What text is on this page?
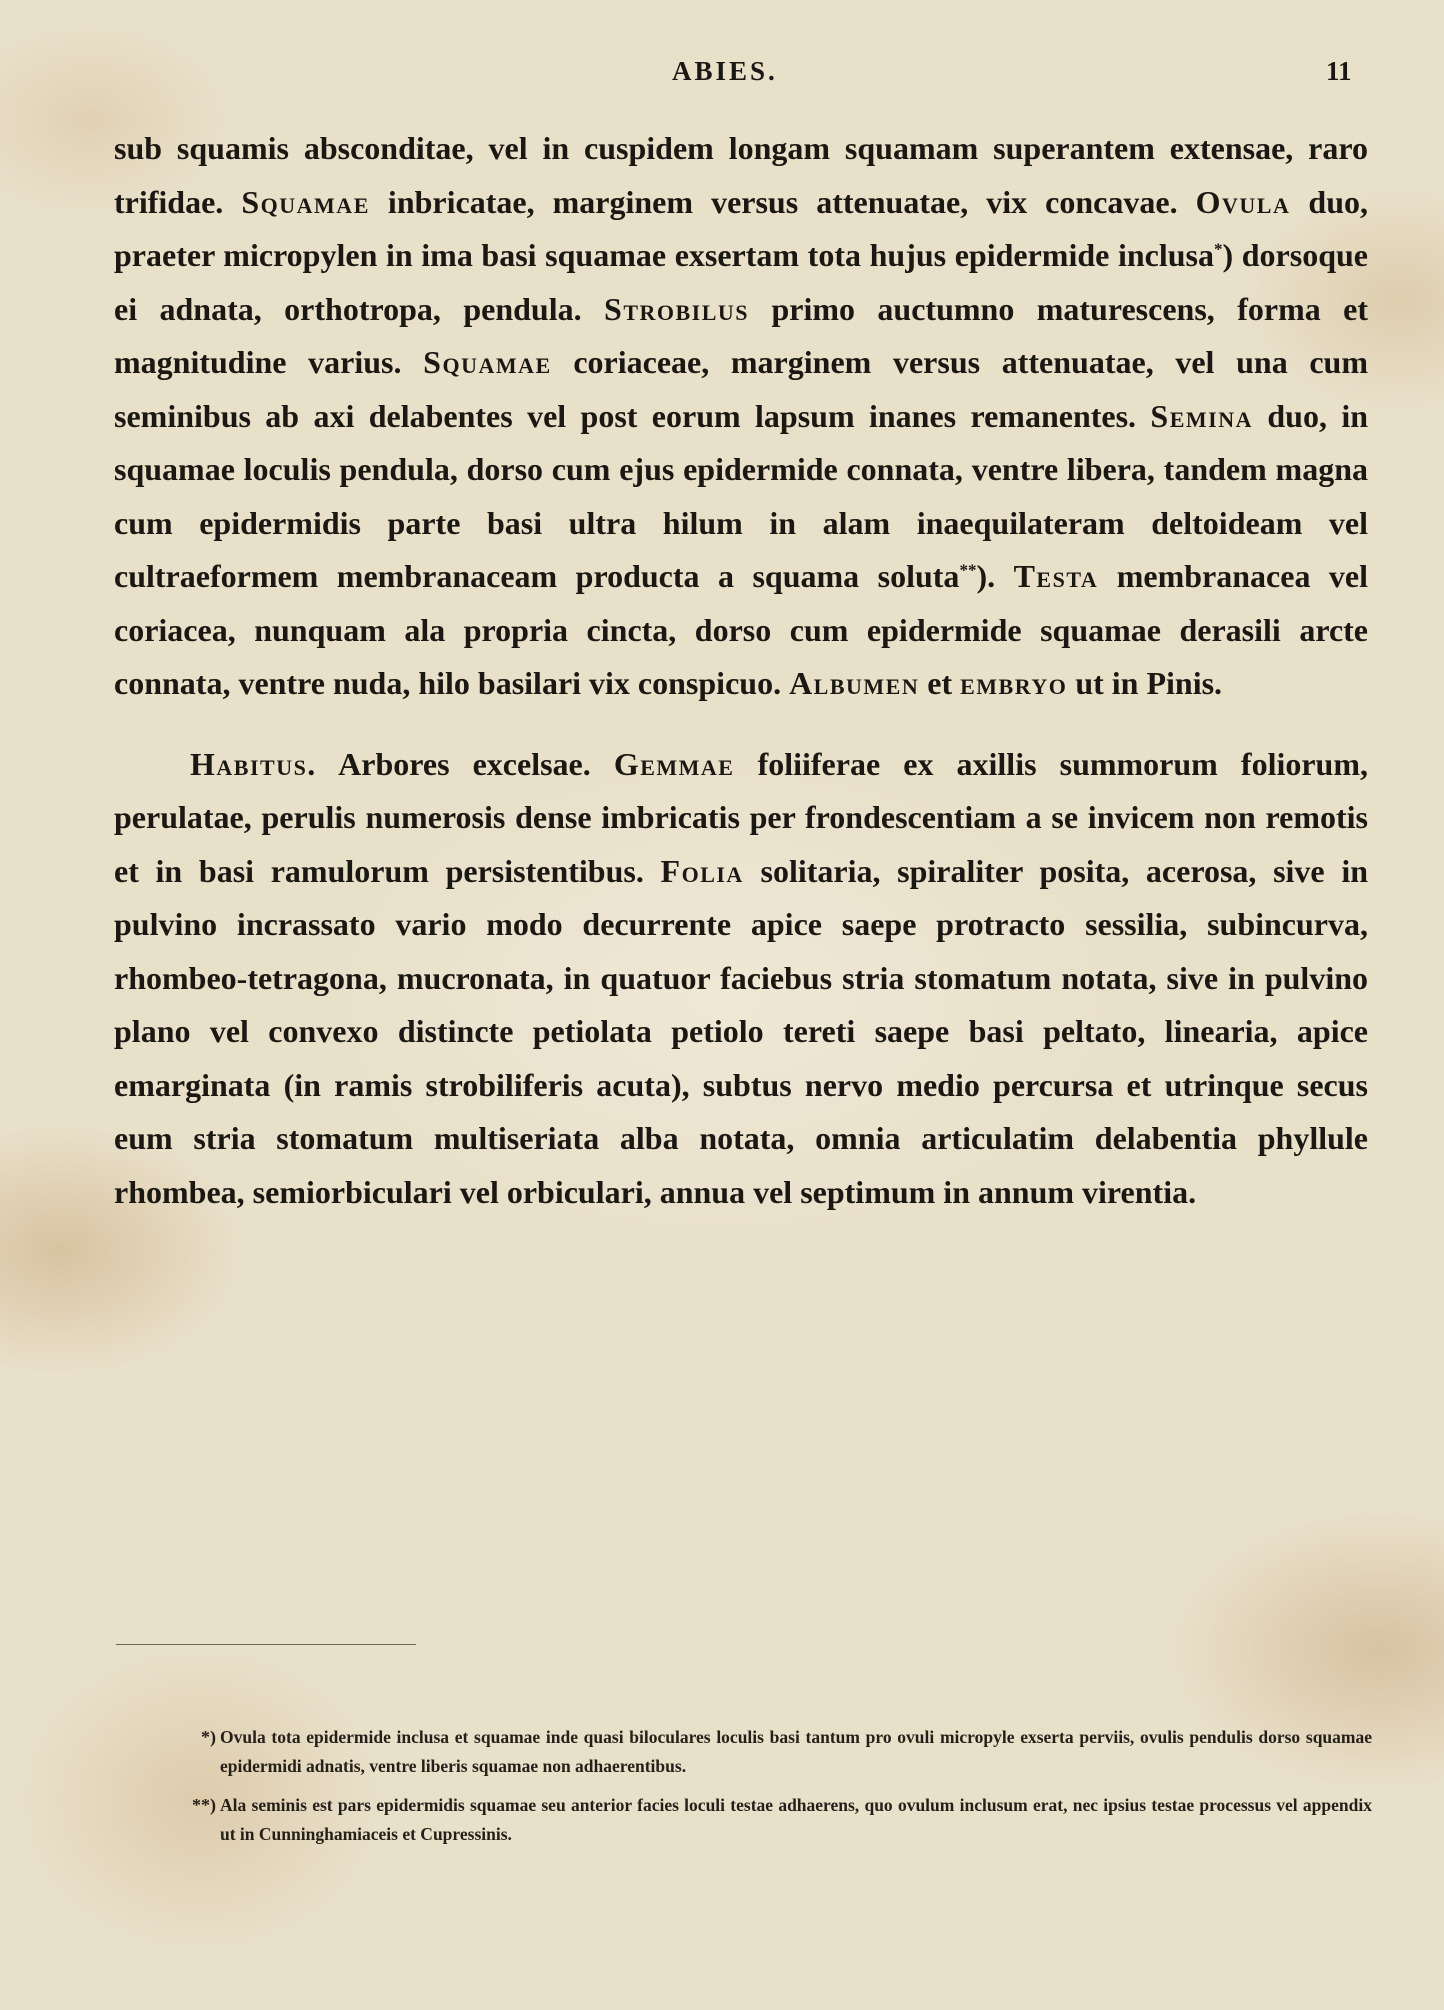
ABIES.	11

sub squamis absconditae, vel in cuspidem longam squamam superantem extensae, raro trifidae. Squamae inbricatae, marginem versus attenuatae, vix concavae. Ovula duo, praeter micropylen in ima basi squamae exsertam tota hujus epidermide inclusa*) dorsoque ei adnata, orthotropa, pendula. Strobilus primo auctumno maturescens, forma et magnitudine varius. Squamae coriaceae, marginem versus attenuatae, vel una cum seminibus ab axi delabentes vel post eorum lapsum inanes remanentes. Semina duo, in squamae loculis pendula, dorso cum ejus epidermide connata, ventre libera, tandem magna cum epidermidis parte basi ultra hilum in alam inaequilateram deltoideam vel cultraeformem membranaceam producta a squama soluta**). Testa membranacea vel coriacea, nunquam ala propria cincta, dorso cum epidermide squamae derasili arcte connata, ventre nuda, hilo basilari vix conspicuo. Albumen et embryo ut in Pinis.

Habitus. Arbores excelsae. Gemmae foliiferae ex axillis summorum foliorum, perulatae, perulis numerosis dense imbricatis per frondescentiam a se invicem non remotis et in basi ramulorum persistentibus. Folia solitaria, spiraliter posita, acerosa, sive in pulvino incrassato vario modo decurrente apice saepe protracto sessilia, subincurva, rhombeo-tetragona, mucronata, in quatuor faciebus stria stomatum notata, sive in pulvino plano vel convexo distincte petiolata petiolo tereti saepe basi peltato, linearia, apice emarginata (in ramis strobiliferis acuta), subtus nervo medio percursa et utrinque secus eum stria stomatum multiseriata alba notata, omnia articulatim delabentia phyllule rhombea, semiorbiculari vel orbiculari, annua vel septimum in annum virentia.

*) Ovula tota epidermide inclusa et squamae inde quasi biloculares loculis basi tantum pro ovuli micropyle exserta perviis, ovulis pendulis dorso squamae epidermidi adnatis, ventre liberis squamae non adhaerentibus.
**) Ala seminis est pars epidermidis squamae seu anterior facies loculi testae adhaerens, quo ovulum inclusum erat, nec ipsius testae processus vel appendix ut in Cunninghamiaceis et Cupressinis.
